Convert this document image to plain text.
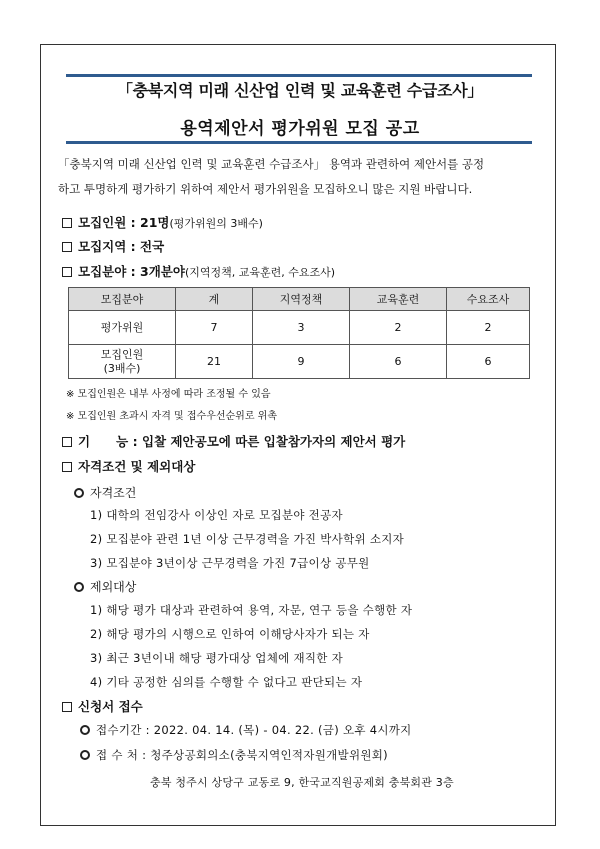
「충북지역 미래 신산업 인력 및 교육훈련 수급조사」
용역제안서 평가위원 모집 공고
「충북지역 미래 신산업 인력 및 교육훈련 수급조사」 용역과 관련하여 제안서를 공정
하고 투명하게 평가하기 위하여 제안서 평가위원을 모집하오니 많은 지원 바랍니다.
모집인원 : 21명(평가위원의 3배수)
모집지역 : 전국
모집분야 : 3개분야(지역정책, 교육훈련, 수요조사)
모집분야	계	지역정책	교육훈련	수요조사
평가위원	7	3	2	2
모집인원
(3배수)	21	9	6	6
※ 모집인원은 내부 사정에 따라 조정될 수 있음
※ 모집인원 초과시 자격 및 접수우선순위로 위촉
기      능 : 입찰 제안공모에 따른 입찰참가자의 제안서 평가
자격조건 및 제외대상
자격조건
1) 대학의 전임강사 이상인 자로 모집분야 전공자
2) 모집분야 관련 1년 이상 근무경력을 가진 박사학위 소지자
3) 모집분야 3년이상 근무경력을 가진 7급이상 공무원
제외대상
1) 해당 평가 대상과 관련하여 용역, 자문, 연구 등을 수행한 자
2) 해당 평가의 시행으로 인하여 이해당사자가 되는 자
3) 최근 3년이내 해당 평가대상 업체에 재직한 자
4) 기타 공정한 심의를 수행할 수 없다고 판단되는 자
신청서 접수
접수기간 : 2022. 04. 14. (목) - 04. 22. (금) 오후 4시까지
접 수 처 : 청주상공회의소(충북지역인적자원개발위원회)
충북 청주시 상당구 교동로 9, 한국교직원공제회 충북회관 3층
